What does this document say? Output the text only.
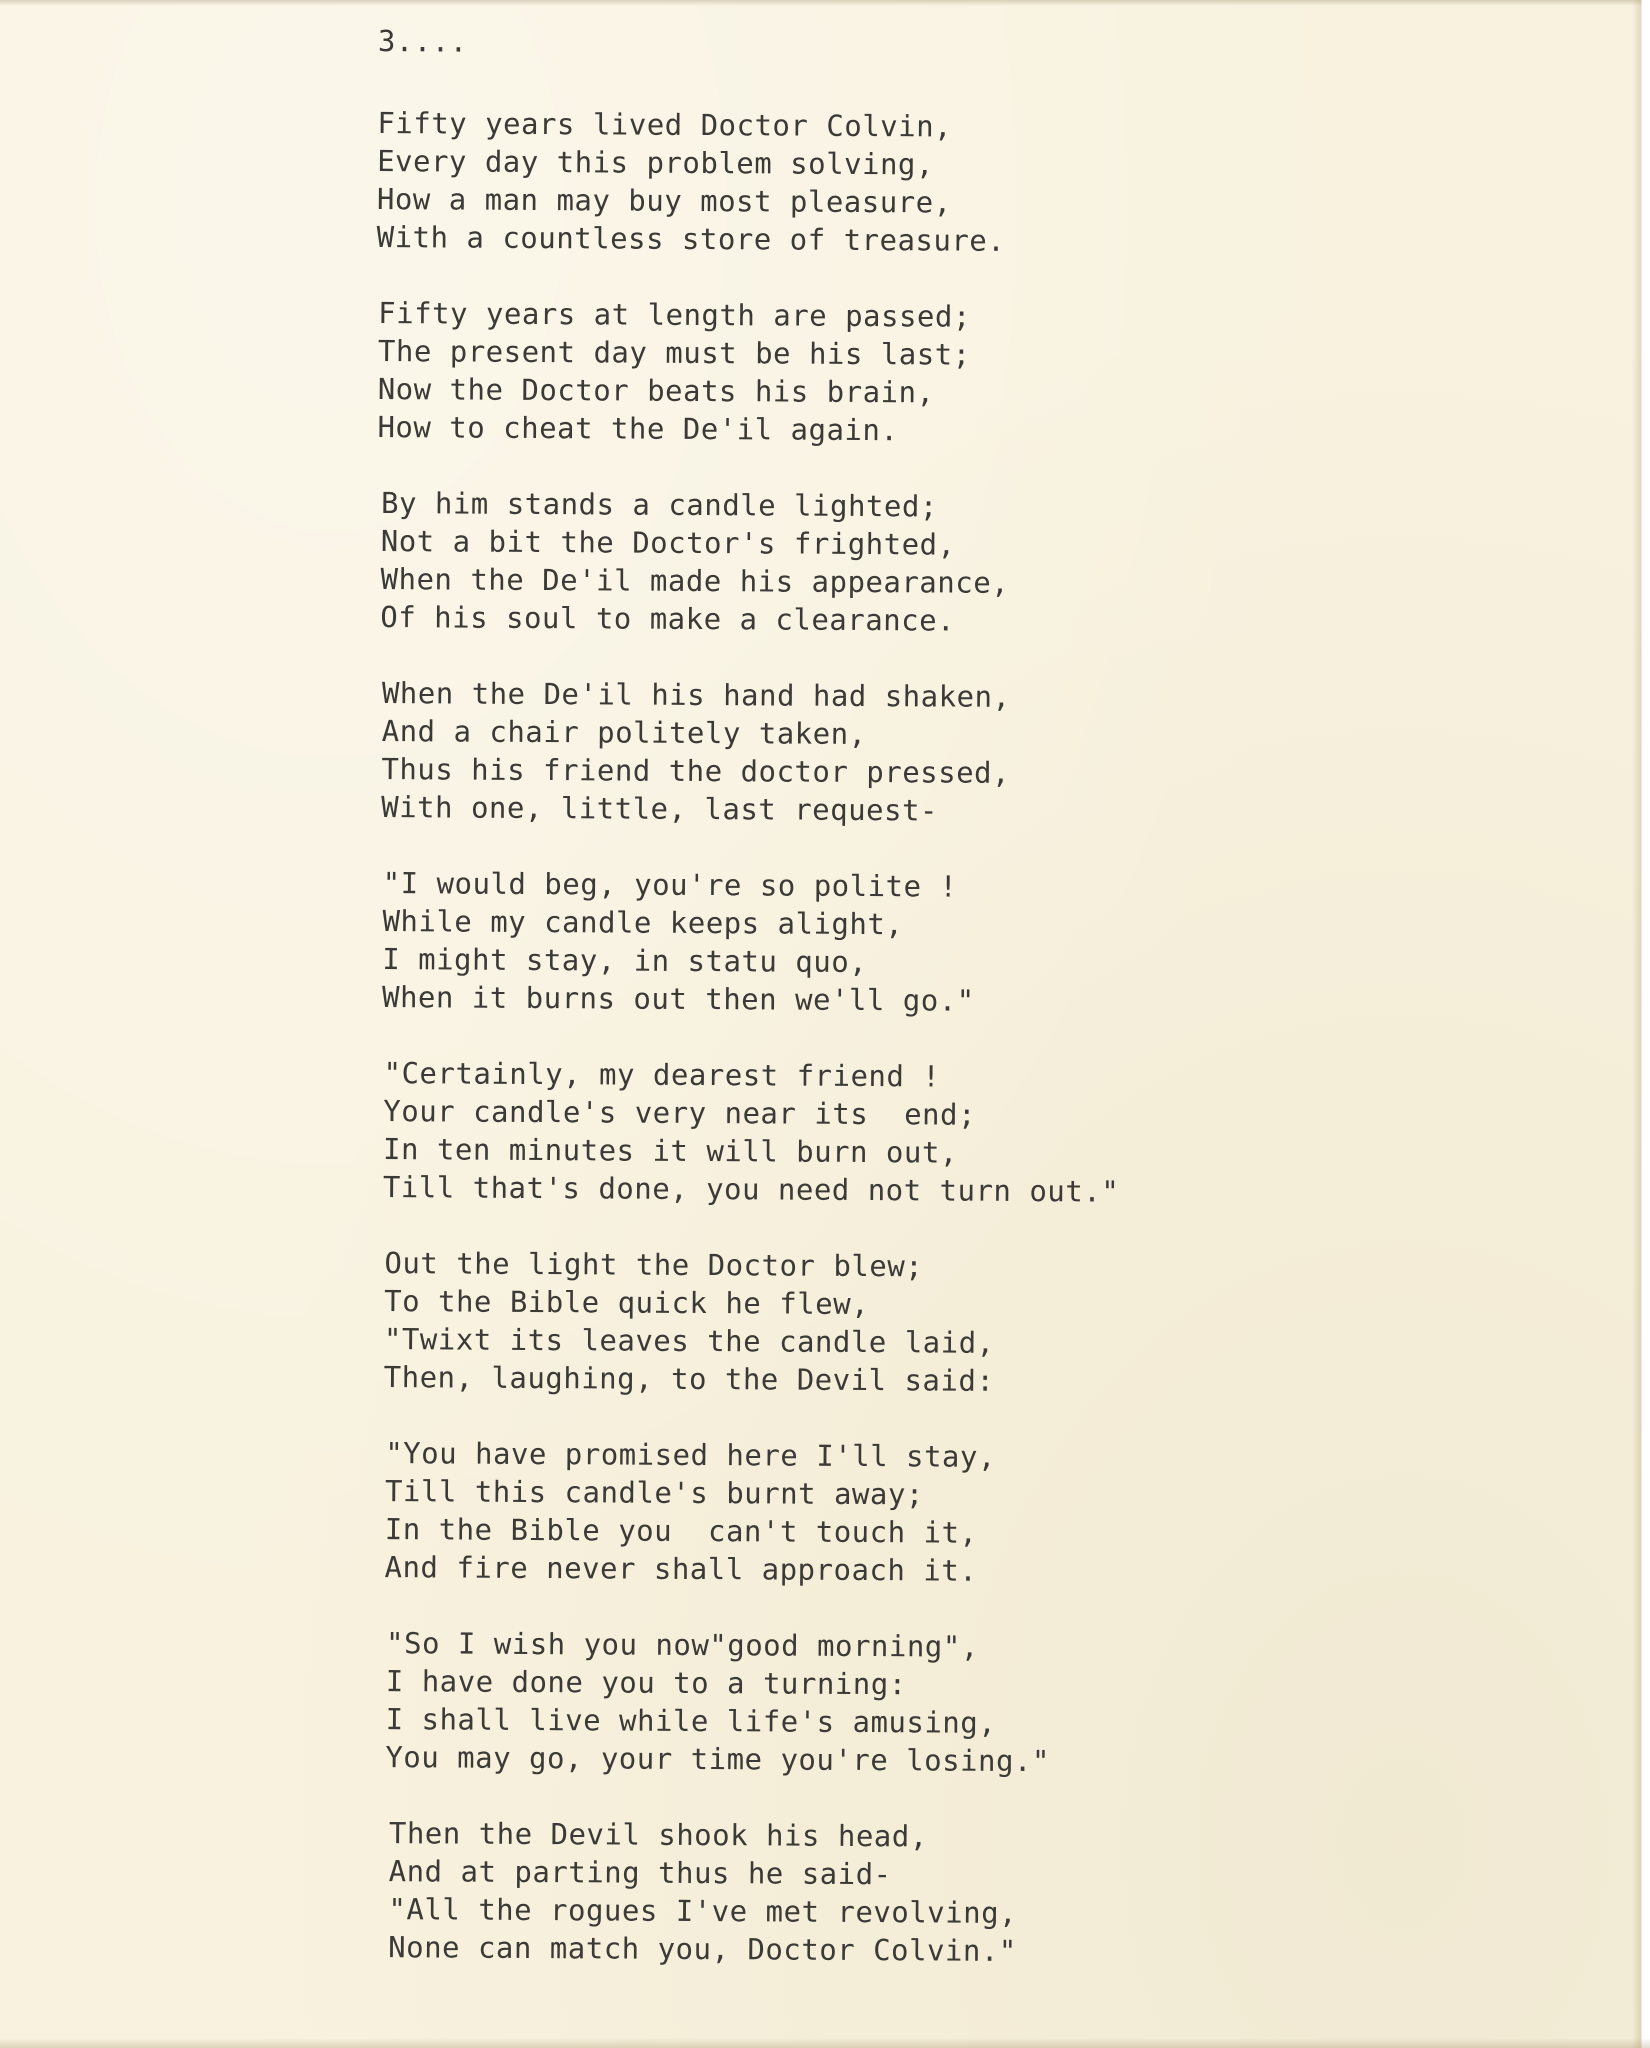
3....
Fifty years lived Doctor Colvin,
Every day this problem solving,
How a man may buy most pleasure,
With a countless store of treasure.
Fifty years at length are passed;
The present day must be his last;
Now the Doctor beats his brain,
How to cheat the De'il again.
By him stands a candle lighted;
Not a bit the Doctor's frighted,
When the De'il made his appearance,
Of his soul to make a clearance.
When the De'il his hand had shaken,
And a chair politely taken,
Thus his friend the doctor pressed,
With one, little, last request-
"I would beg, you're so polite !
While my candle keeps alight,
I might stay, in statu quo,
When it burns out then we'll go."
"Certainly, my dearest friend !
Your candle's very near its  end;
In ten minutes it will burn out,
Till that's done, you need not turn out."
Out the light the Doctor blew;
To the Bible quick he flew,
"Twixt its leaves the candle laid,
Then, laughing, to the Devil said:
"You have promised here I'll stay,
Till this candle's burnt away;
In the Bible you  can't touch it,
And fire never shall approach it.
"So I wish you now"good morning",
I have done you to a turning:
I shall live while life's amusing,
You may go, your time you're losing."
Then the Devil shook his head,
And at parting thus he said-
"All the rogues I've met revolving,
None can match you, Doctor Colvin."
